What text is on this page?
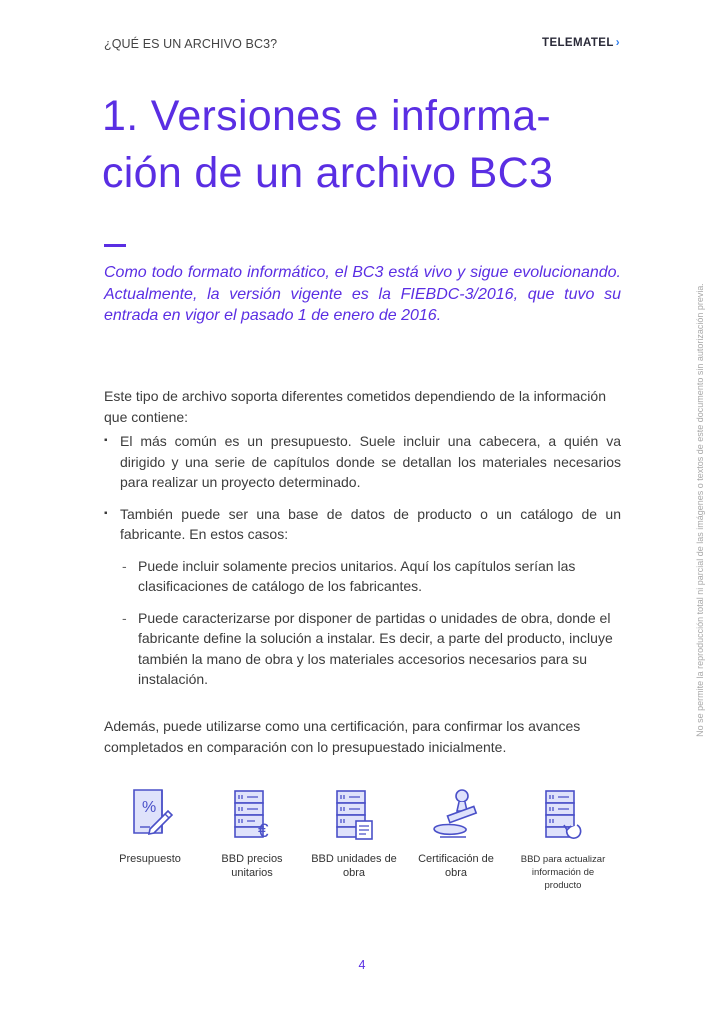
¿QUÉ ES UN ARCHIVO BC3?	TELEMATEL ›
1. Versiones e informa-
ción de un archivo BC3

Como todo formato informático, el BC3 está vivo y sigue evolucionando. Actualmente, la versión vigente es la FIEBDC-3/2016, que tuvo su entrada en vigor el pasado 1 de enero de 2016.

Este tipo de archivo soporta diferentes cometidos dependiendo de la información que contiene:

▪ El más común es un presupuesto. Suele incluir una cabecera, a quién va dirigido y una serie de capítulos donde se detallan los materiales necesarios para realizar un proyecto determinado.
▪ También puede ser una base de datos de producto o un catálogo de un fabricante. En estos casos:
- Puede incluir solamente precios unitarios. Aquí los capítulos serían las clasificaciones de catálogo de los fabricantes.
- Puede caracterizarse por disponer de partidas o unidades de obra, donde el fabricante define la solución a instalar. Es decir, a parte del producto, incluye también la mano de obra y los materiales accesorios necesarios para su instalación.

Además, puede utilizarse como una certificación, para confirmar los avances completados en comparación con lo presupuestado inicialmente.

No se permite la reproducción total ni parcial de las imágenes o textos de este documento sin autorización previa.
%
Presupuesto
€
BBD precios unitarios
BBD unidades de obra
Certificación de obra
BBD para actualizar información de producto
4
